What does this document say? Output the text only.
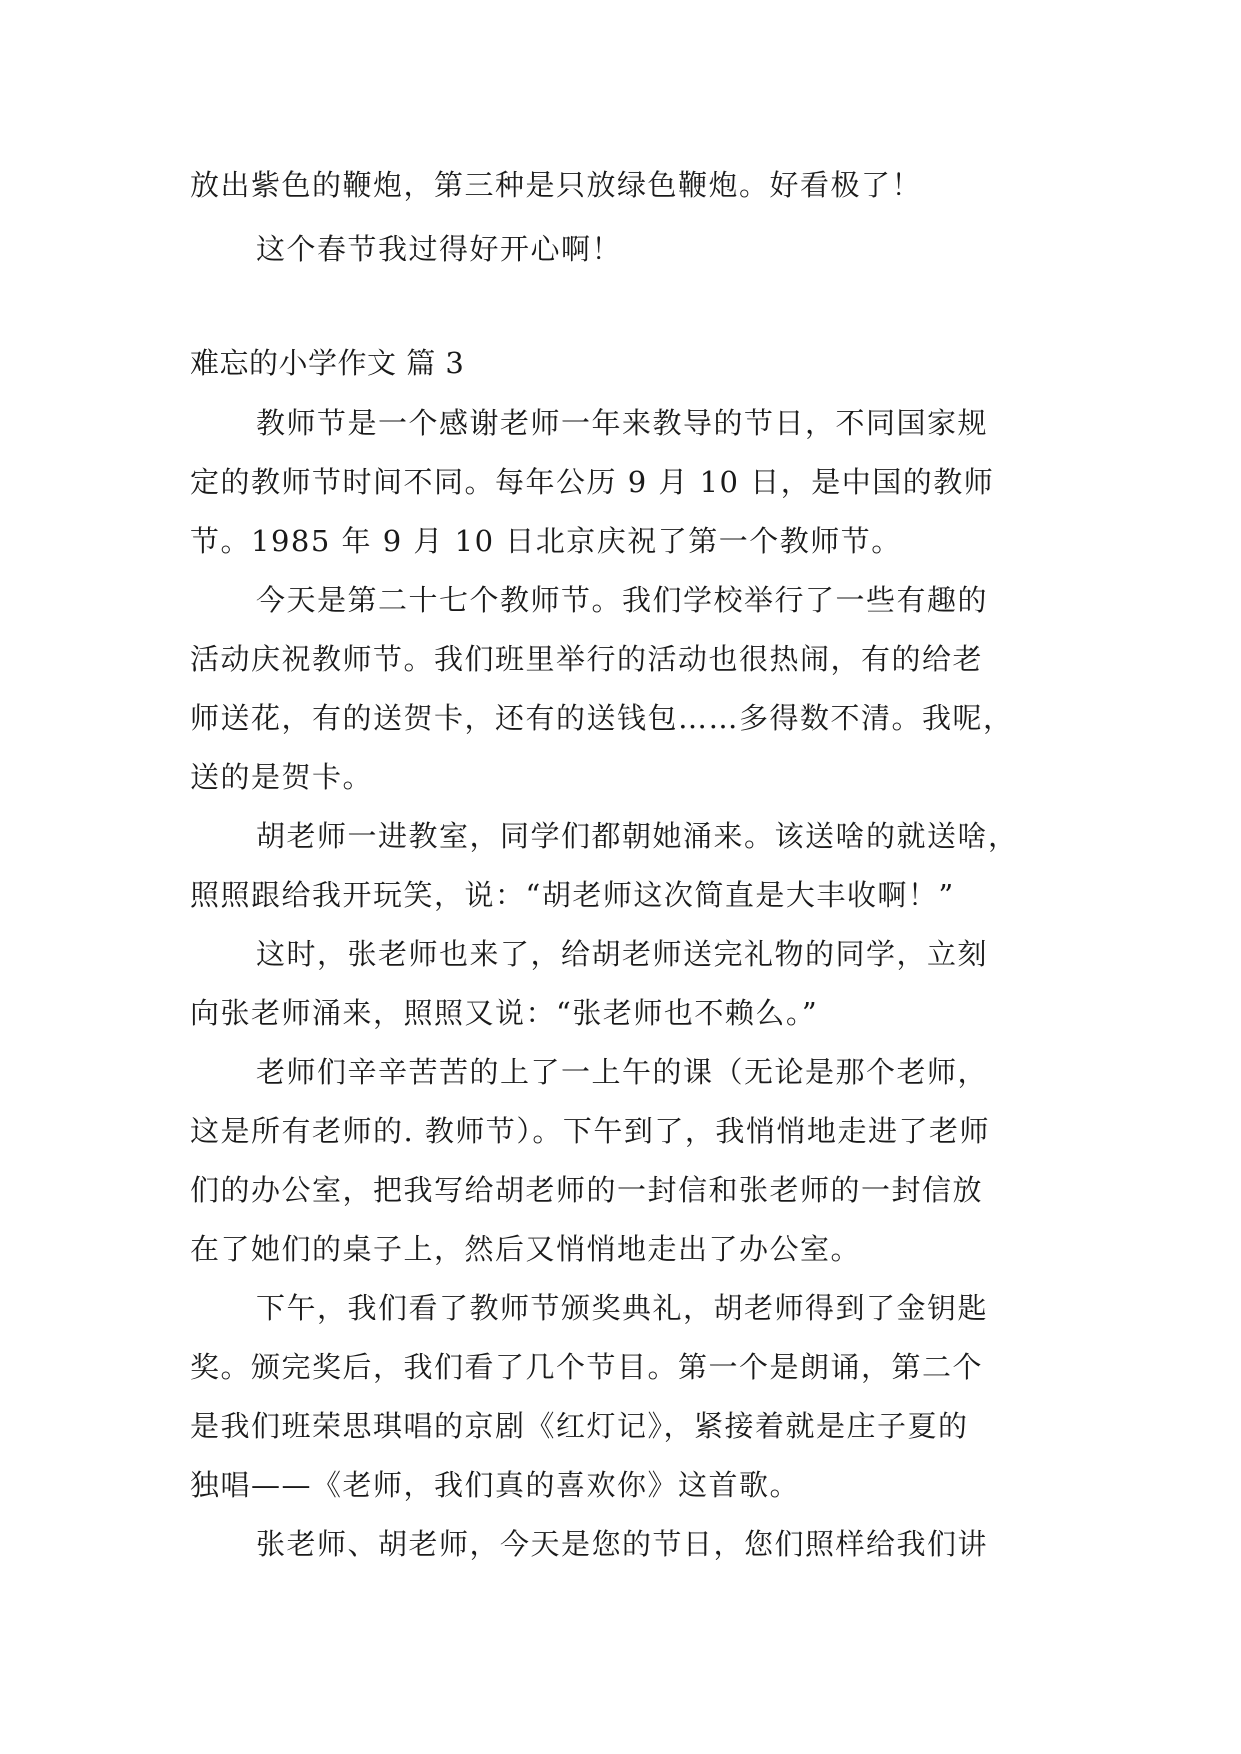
放出紫色的鞭炮，第三种是只放绿色鞭炮。好看极了！
这个春节我过得好开心啊！
难忘的小学作文 篇 3
教师节是一个感谢老师一年来教导的节日，不同国家规
定的教师节时间不同。每年公历 9 月 10 日，是中国的教师
节。1985 年 9 月 10 日北京庆祝了第一个教师节。
今天是第二十七个教师节。我们学校举行了一些有趣的
活动庆祝教师节。我们班里举行的活动也很热闹，有的给老
师送花，有的送贺卡，还有的送钱包……多得数不清。我呢，
送的是贺卡。
胡老师一进教室，同学们都朝她涌来。该送啥的就送啥，
照照跟给我开玩笑，说：“胡老师这次简直是大丰收啊！”
这时，张老师也来了，给胡老师送完礼物的同学，立刻
向张老师涌来，照照又说：“张老师也不赖么。”
老师们辛辛苦苦的上了一上午的课（无论是那个老师，
这是所有老师的. 教师节）。下午到了，我悄悄地走进了老师
们的办公室，把我写给胡老师的一封信和张老师的一封信放
在了她们的桌子上，然后又悄悄地走出了办公室。
下午，我们看了教师节颁奖典礼，胡老师得到了金钥匙
奖。颁完奖后，我们看了几个节目。第一个是朗诵，第二个
是我们班荣思琪唱的京剧《红灯记》，紧接着就是庄子夏的
独唱——《老师，我们真的喜欢你》这首歌。
张老师、胡老师，今天是您的节日，您们照样给我们讲
